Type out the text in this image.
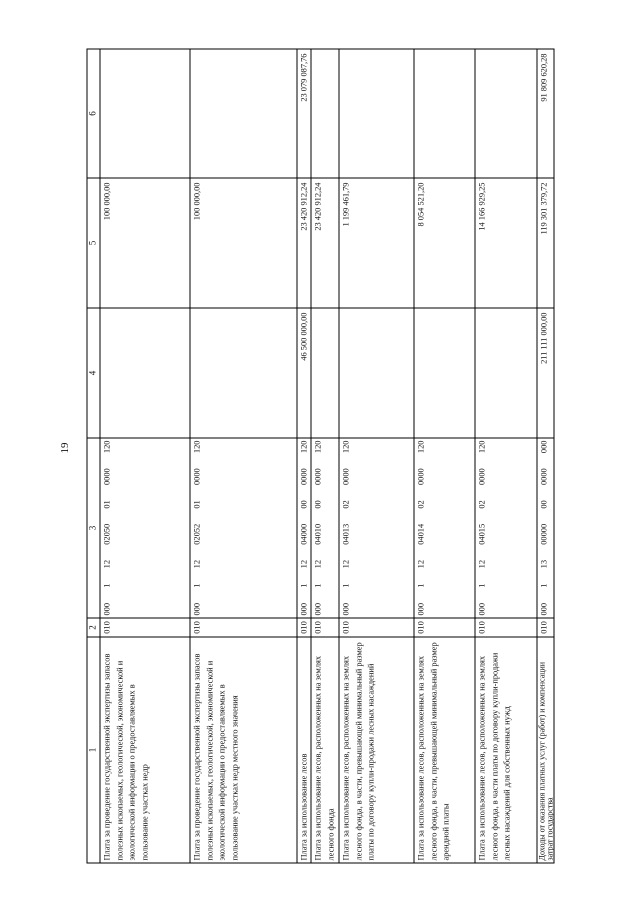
19
1
2
3
4
5
6
Плата за проведение государственной экспертизы запасов полезных ископаемых, геологической, экономической и экологической информации о предоставляемых в пользование участках недр
010
000
1
12
02050
01
0000
120
100 000,00
Плата за проведение государственной экспертизы запасов полезных ископаемых, геологической, экономической и экологической информации о предоставляемых в пользование участках недр местного значения
010
000
1
12
02052
01
0000
120
100 000,00
Плата за использование лесов
010
000
1
12
04000
00
0000
120
46 500 000,00
23 420 912,24
23 079 087,76
Плата за использование лесов, расположенных на землях лесного фонда
010
000
1
12
04010
00
0000
120
23 420 912,24
Плата за использование лесов, расположенных на землях лесного фонда, в части, превышающей минимальный размер платы по договору купли-продажи лесных насаждений
010
000
1
12
04013
02
0000
120
1 199 461,79
Плата за использование лесов, расположенных на землях лесного фонда, в части, превышающей минимальный размер арендной платы
010
000
1
12
04014
02
0000
120
8 054 521,20
Плата за использование лесов, расположенных на землях лесного фонда, в части платы по договору купли-продажи лесных насаждений для собственных нужд
010
000
1
12
04015
02
0000
120
14 166 929,25
Доходы от оказания платных услуг (работ) и компенсации затрат государства
010
000
1
13
00000
00
0000
000
211 111 000,00
119 301 379,72
91 809 620,28
